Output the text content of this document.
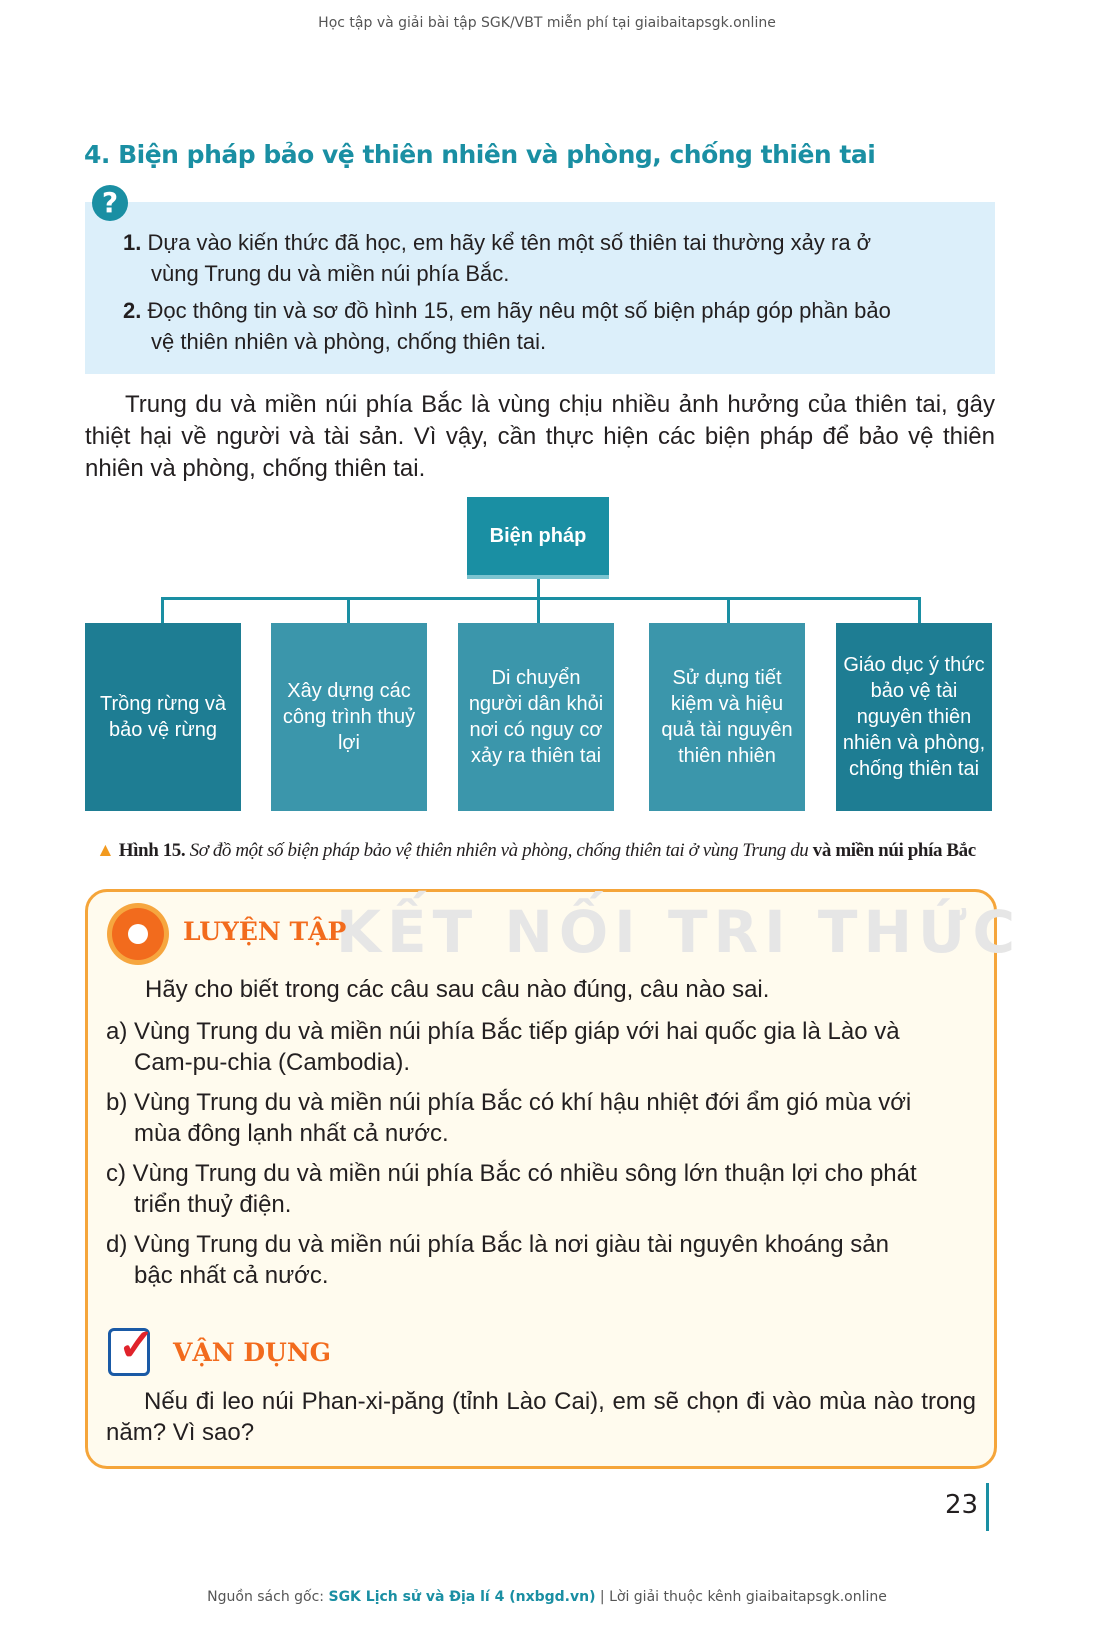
Học tập và giải bài tập SGK/VBT miễn phí tại giaibaitapsgk.online
4. Biện pháp bảo vệ thiên nhiên và phòng, chống thiên tai
?
1. Dựa vào kiến thức đã học, em hãy kể tên một số thiên tai thường xảy ra ở
vùng Trung du và miền núi phía Bắc.
2. Đọc thông tin và sơ đồ hình 15, em hãy nêu một số biện pháp góp phần bảo
vệ thiên nhiên và phòng, chống thiên tai.
Trung du và miền núi phía Bắc là vùng chịu nhiều ảnh hưởng của thiên tai, gây thiệt hại về người và tài sản. Vì vậy, cần thực hiện các biện pháp để bảo vệ thiên nhiên và phòng, chống thiên tai.
Biện pháp
Trồng rừng và bảo vệ rừng
Xây dựng các công trình thuỷ lợi
Di chuyển người dân khỏi nơi có nguy cơ xảy ra thiên tai
Sử dụng tiết kiệm và hiệu quả tài nguyên thiên nhiên
Giáo dục ý thức bảo vệ tài nguyên thiên nhiên và phòng, chống thiên tai
▲ Hình 15. Sơ đồ một số biện pháp bảo vệ thiên nhiên và phòng, chống thiên tai ở vùng Trung du và miền núi phía Bắc
KẾT NỐI TRI THỨC
LUYỆN TẬP
Hãy cho biết trong các câu sau câu nào đúng, câu nào sai.
a) Vùng Trung du và miền núi phía Bắc tiếp giáp với hai quốc gia là Lào và
Cam-pu-chia (Cambodia).
b) Vùng Trung du và miền núi phía Bắc có khí hậu nhiệt đới ẩm gió mùa với
mùa đông lạnh nhất cả nước.
c) Vùng Trung du và miền núi phía Bắc có nhiều sông lớn thuận lợi cho phát
triển thuỷ điện.
d) Vùng Trung du và miền núi phía Bắc là nơi giàu tài nguyên khoáng sản
bậc nhất cả nước.
✓ VẬN DỤNG
Nếu đi leo núi Phan-xi-păng (tỉnh Lào Cai), em sẽ chọn đi vào mùa nào trong năm? Vì sao?
23
Nguồn sách gốc: SGK Lịch sử và Địa lí 4 (nxbgd.vn) | Lời giải thuộc kênh giaibaitapsgk.online
